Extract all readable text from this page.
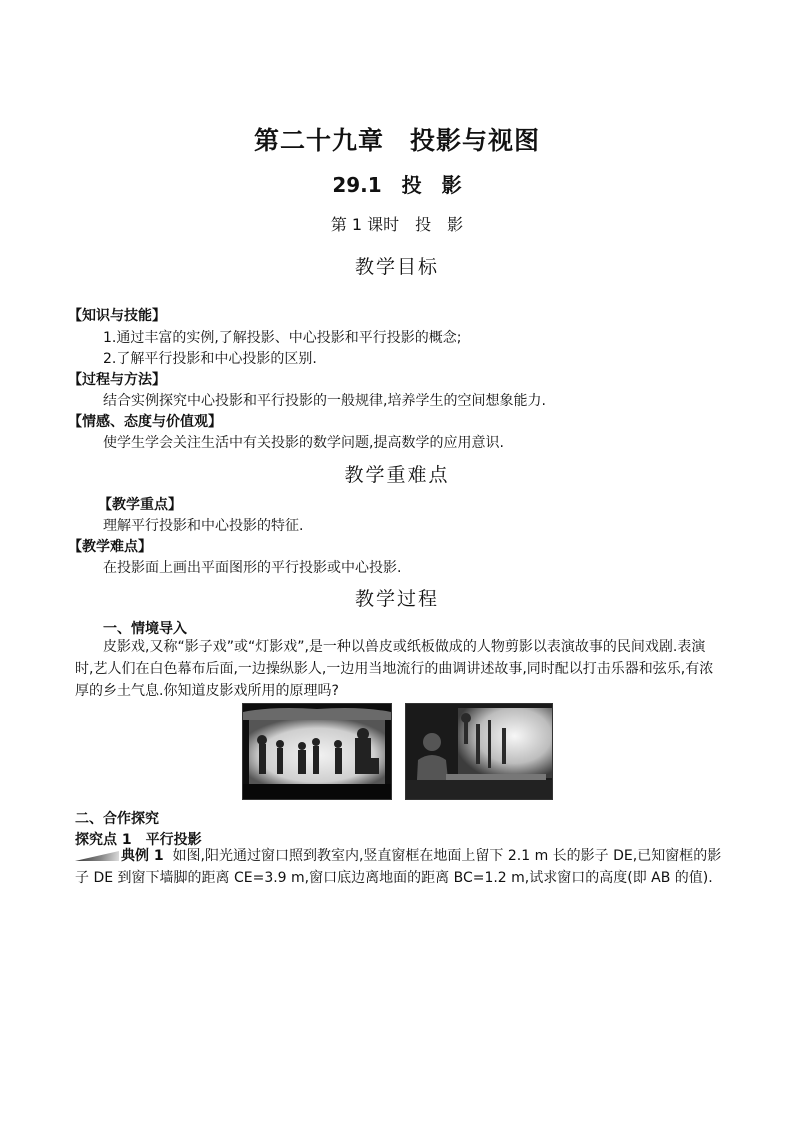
第二十九章　投影与视图
29.1　投　影
第 1 课时　投　影
教学目标
【知识与技能】
1.通过丰富的实例,了解投影、中心投影和平行投影的概念;
2.了解平行投影和中心投影的区别.
【过程与方法】
结合实例探究中心投影和平行投影的一般规律,培养学生的空间想象能力.
【情感、态度与价值观】
使学生学会关注生活中有关投影的数学问题,提高数学的应用意识.
教学重难点
【教学重点】
理解平行投影和中心投影的特征.
【教学难点】
在投影面上画出平面图形的平行投影或中心投影.
教学过程
一、情境导入
皮影戏,又称“影子戏”或“灯影戏”,是一种以兽皮或纸板做成的人物剪影以表演故事的民间戏剧.表演时,艺人们在白色幕布后面,一边操纵影人,一边用当地流行的曲调讲述故事,同时配以打击乐器和弦乐,有浓厚的乡土气息.你知道皮影戏所用的原理吗?
二、合作探究
探究点 1　平行投影
典例 1 如图,阳光通过窗口照到教室内,竖直窗框在地面上留下 2.1 m 长的影子 DE,已知窗框的影子 DE 到窗下墙脚的距离 CE=3.9 m,窗口底边离地面的距离 BC=1.2 m,试求窗口的高度(即 AB 的值).
